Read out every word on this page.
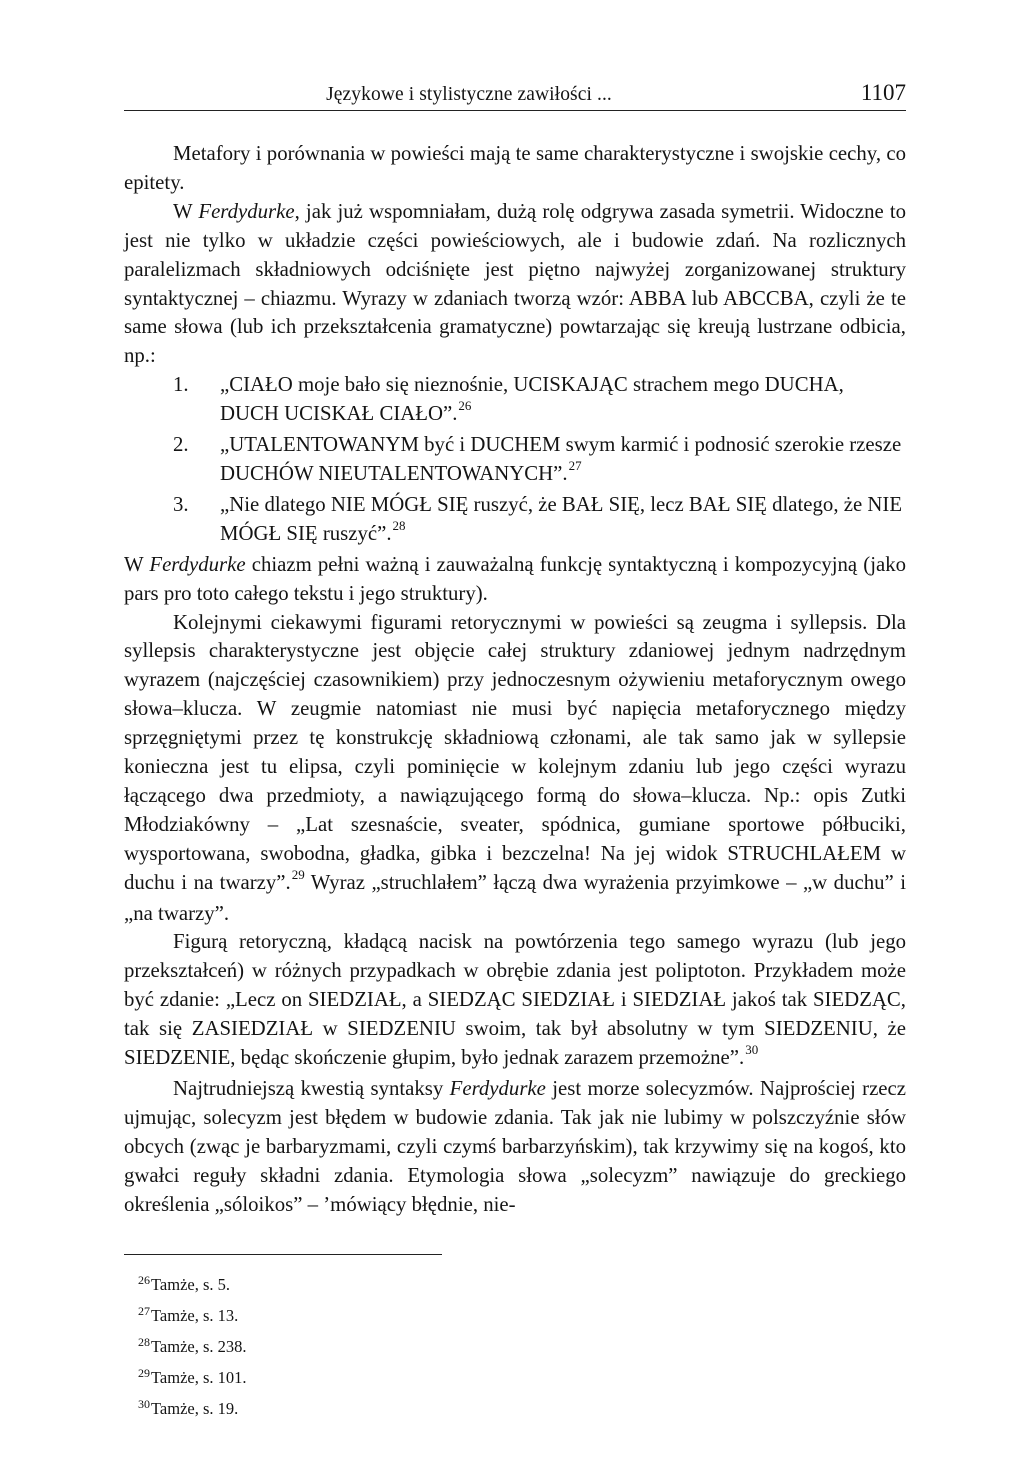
Językowe i stylistyczne zawiłości ...	1107

Metafory i porównania w powieści mają te same charakterystyczne i swojskie cechy, co epitety.

W Ferdydurke, jak już wspomniałam, dużą rolę odgrywa zasada symetrii. Widoczne to jest nie tylko w układzie części powieściowych, ale i budowie zdań. Na rozlicznych paralelizmach składniowych odciśnięte jest piętno najwyżej zorganizowanej struktury syntaktycznej – chiazmu. Wyrazy w zdaniach tworzą wzór: ABBA lub ABCCBA, czyli że te same słowa (lub ich przekształcenia gramatyczne) powtarzając się kreują lustrzane odbicia, np.:

1.	„CIAŁO moje bało się nieznośnie, UCISKAJĄC strachem mego DUCHA, DUCH UCISKAŁ CIAŁO”.$^{26}$
2.	„UTALENTOWANYM być i DUCHEM swym karmić i podnosić szerokie rzesze DUCHÓW NIEUTALENTOWANYCH”.$^{27}$
3.	„Nie dlatego NIE MÓGŁ SIĘ ruszyć, że BAŁ SIĘ, lecz BAŁ SIĘ dlatego, że NIE MÓGŁ SIĘ ruszyć”.$^{28}$

W Ferdydurke chiazm pełni ważną i zauważalną funkcję syntaktyczną i kompozycyjną (jako pars pro toto całego tekstu i jego struktury).

Kolejnymi ciekawymi figurami retorycznymi w powieści są zeugma i syllepsis. Dla syllepsis charakterystyczne jest objęcie całej struktury zdaniowej jednym nadrzędnym wyrazem (najczęściej czasownikiem) przy jednoczesnym ożywieniu metaforycznym owego słowa–klucza. W zeugmie natomiast nie musi być napięcia metaforycznego między sprzęgniętymi przez tę konstrukcję składniową członami, ale tak samo jak w syllepsie konieczna jest tu elipsa, czyli pominięcie w kolejnym zdaniu lub jego części wyrazu łączącego dwa przedmioty, a nawiązującego formą do słowa–klucza. Np.: opis Zutki Młodziakówny – „Lat szesnaście, sveater, spódnica, gumiane sportowe półbuciki, wysportowana, swobodna, gładka, gibka i bezczelna! Na jej widok STRUCHLAŁEM w duchu i na twarzy”.$^{29}$ Wyraz „struchlałem” łączą dwa wyrażenia przyimkowe – „w duchu” i „na twarzy”.

Figurą retoryczną, kładącą nacisk na powtórzenia tego samego wyrazu (lub jego przekształceń) w różnych przypadkach w obrębie zdania jest poliptoton. Przykładem może być zdanie: „Lecz on SIEDZIAŁ, a SIEDZĄC SIEDZIAŁ i SIEDZIAŁ jakoś tak SIEDZĄC, tak się ZASIEDZIAŁ w SIEDZENIU swoim, tak był absolutny w tym SIEDZENIU, że SIEDZENIE, będąc skończenie głupim, było jednak zarazem przemożne”.$^{30}$

Najtrudniejszą kwestią syntaksy Ferdydurke jest morze solecyzmów. Najprościej rzecz ujmując, solecyzm jest błędem w budowie zdania. Tak jak nie lubimy w polszczyźnie słów obcych (zwąc je barbaryzmami, czyli czymś barbarzyńskim), tak krzywimy się na kogoś, kto gwałci reguły składni zdania. Etymologia słowa „solecyzm” nawiązuje do greckiego określenia „sóloikos” – ’mówiący błędnie, nie-

26 Tamże, s. 5.
27 Tamże, s. 13.
28 Tamże, s. 238.
29 Tamże, s. 101.
30 Tamże, s. 19.
